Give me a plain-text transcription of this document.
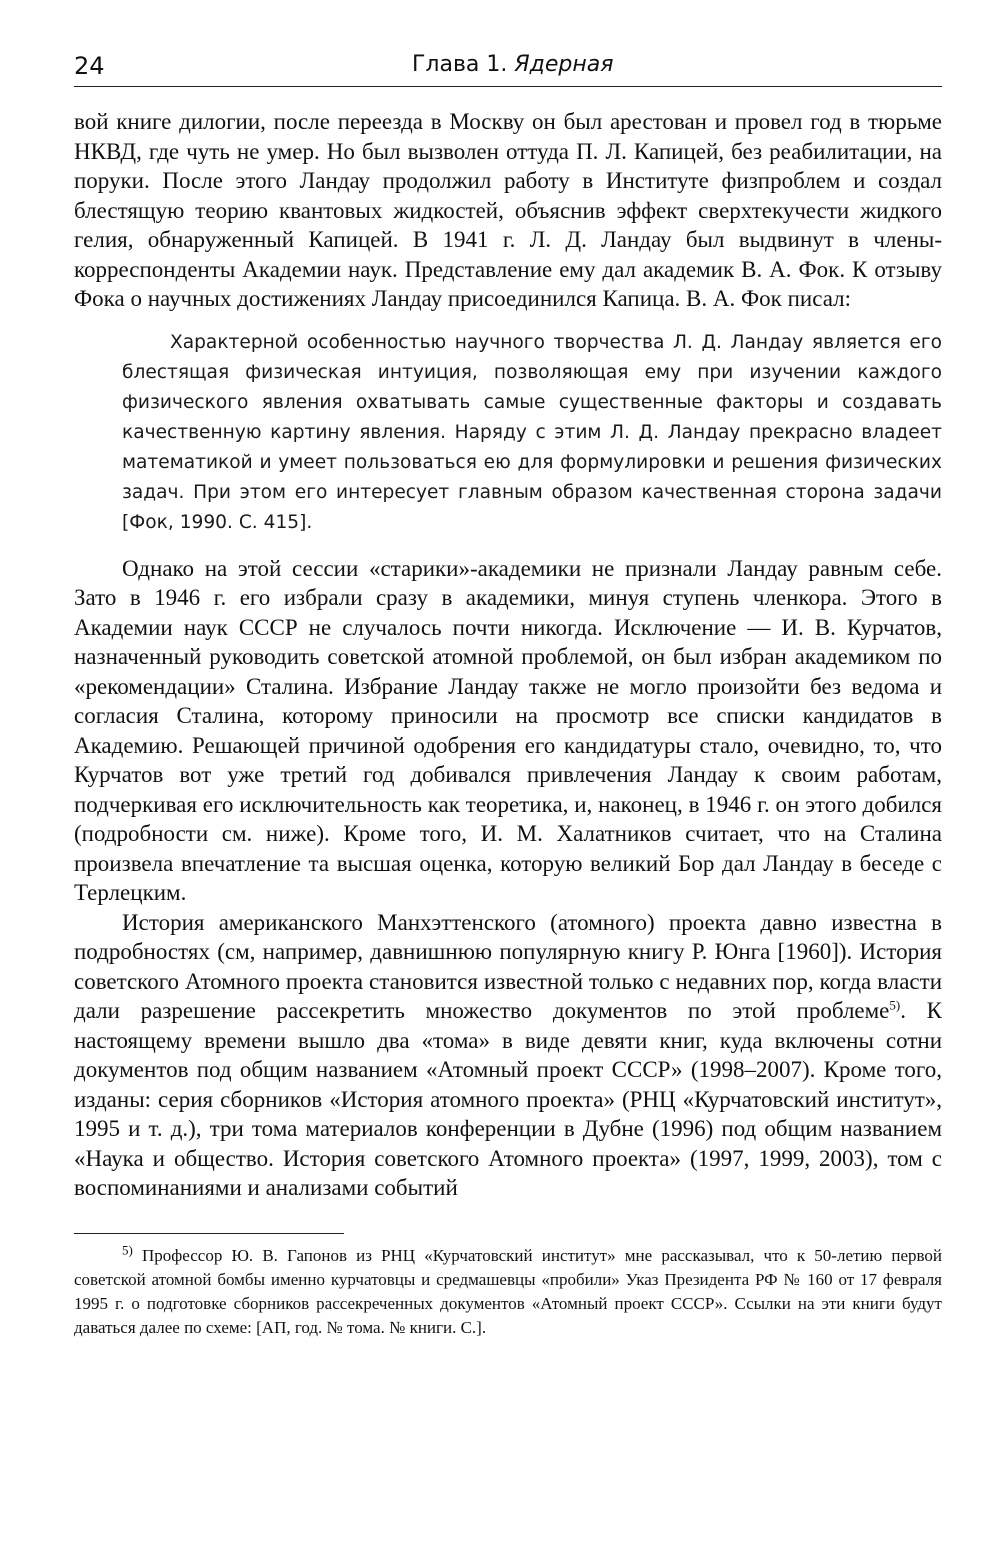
24	Глава 1. Ядерная

вой книге дилогии, после переезда в Москву он был арестован и провел год в тюрьме НКВД, где чуть не умер. Но был вызволен оттуда П. Л. Капицей, без реабилитации, на поруки. После этого Ландау продолжил работу в Институте физпроблем и создал блестящую теорию квантовых жидкостей, объяснив эффект сверхтекучести жидкого гелия, обнаруженный Капицей. В 1941 г. Л. Д. Ландау был выдвинут в члены-корреспонденты Академии наук. Представление ему дал академик В. А. Фок. К отзыву Фока о научных достижениях Ландау присоединился Капица. В. А. Фок писал:

Характерной особенностью научного творчества Л. Д. Ландау является его блестящая физическая интуиция, позволяющая ему при изучении каждого физического явления охватывать самые существенные факторы и создавать качественную картину явления. Наряду с этим Л. Д. Ландау прекрасно владеет математикой и умеет пользоваться ею для формулировки и решения физических задач. При этом его интересует главным образом качественная сторона задачи [Фок, 1990. С. 415].

Однако на этой сессии «старики»-академики не признали Ландау равным себе. Зато в 1946 г. его избрали сразу в академики, минуя ступень членкора. Этого в Академии наук СССР не случалось почти никогда. Исключение — И. В. Курчатов, назначенный руководить советской атомной проблемой, он был избран академиком по «рекомендации» Сталина. Избрание Ландау также не могло произойти без ведома и согласия Сталина, которому приносили на просмотр все списки кандидатов в Академию. Решающей причиной одобрения его кандидатуры стало, очевидно, то, что Курчатов вот уже третий год добивался привлечения Ландау к своим работам, подчеркивая его исключительность как теоретика, и, наконец, в 1946 г. он этого добился (подробности см. ниже). Кроме того, И. М. Халатников считает, что на Сталина произвела впечатление та высшая оценка, которую великий Бор дал Ландау в беседе с Терлецким.

История американского Манхэттенского (атомного) проекта давно известна в подробностях (см, например, давнишнюю популярную книгу Р. Юнга [1960]). История советского Атомного проекта становится известной только с недавних пор, когда власти дали разрешение рассекретить множество документов по этой проблеме$^{5)}$. К настоящему времени вышло два «тома» в виде девяти книг, куда включены сотни документов под общим названием «Атомный проект СССР» (1998–2007). Кроме того, изданы: серия сборников «История атомного проекта» (РНЦ «Курчатовский институт», 1995 и т. д.), три тома материалов конференции в Дубне (1996) под общим названием «Наука и общество. История советского Атомного проекта» (1997, 1999, 2003), том с воспоминаниями и анализами событий

$^{5)}$ Профессор Ю. В. Гапонов из РНЦ «Курчатовский институт» мне рассказывал, что к 50-летию первой советской атомной бомбы именно курчатовцы и средмашевцы «пробили» Указ Президента РФ № 160 от 17 февраля 1995 г. о подготовке сборников рассекреченных документов «Атомный проект СССР». Ссылки на эти книги будут даваться далее по схеме: [АП, год. № тома. № книги. С.].
